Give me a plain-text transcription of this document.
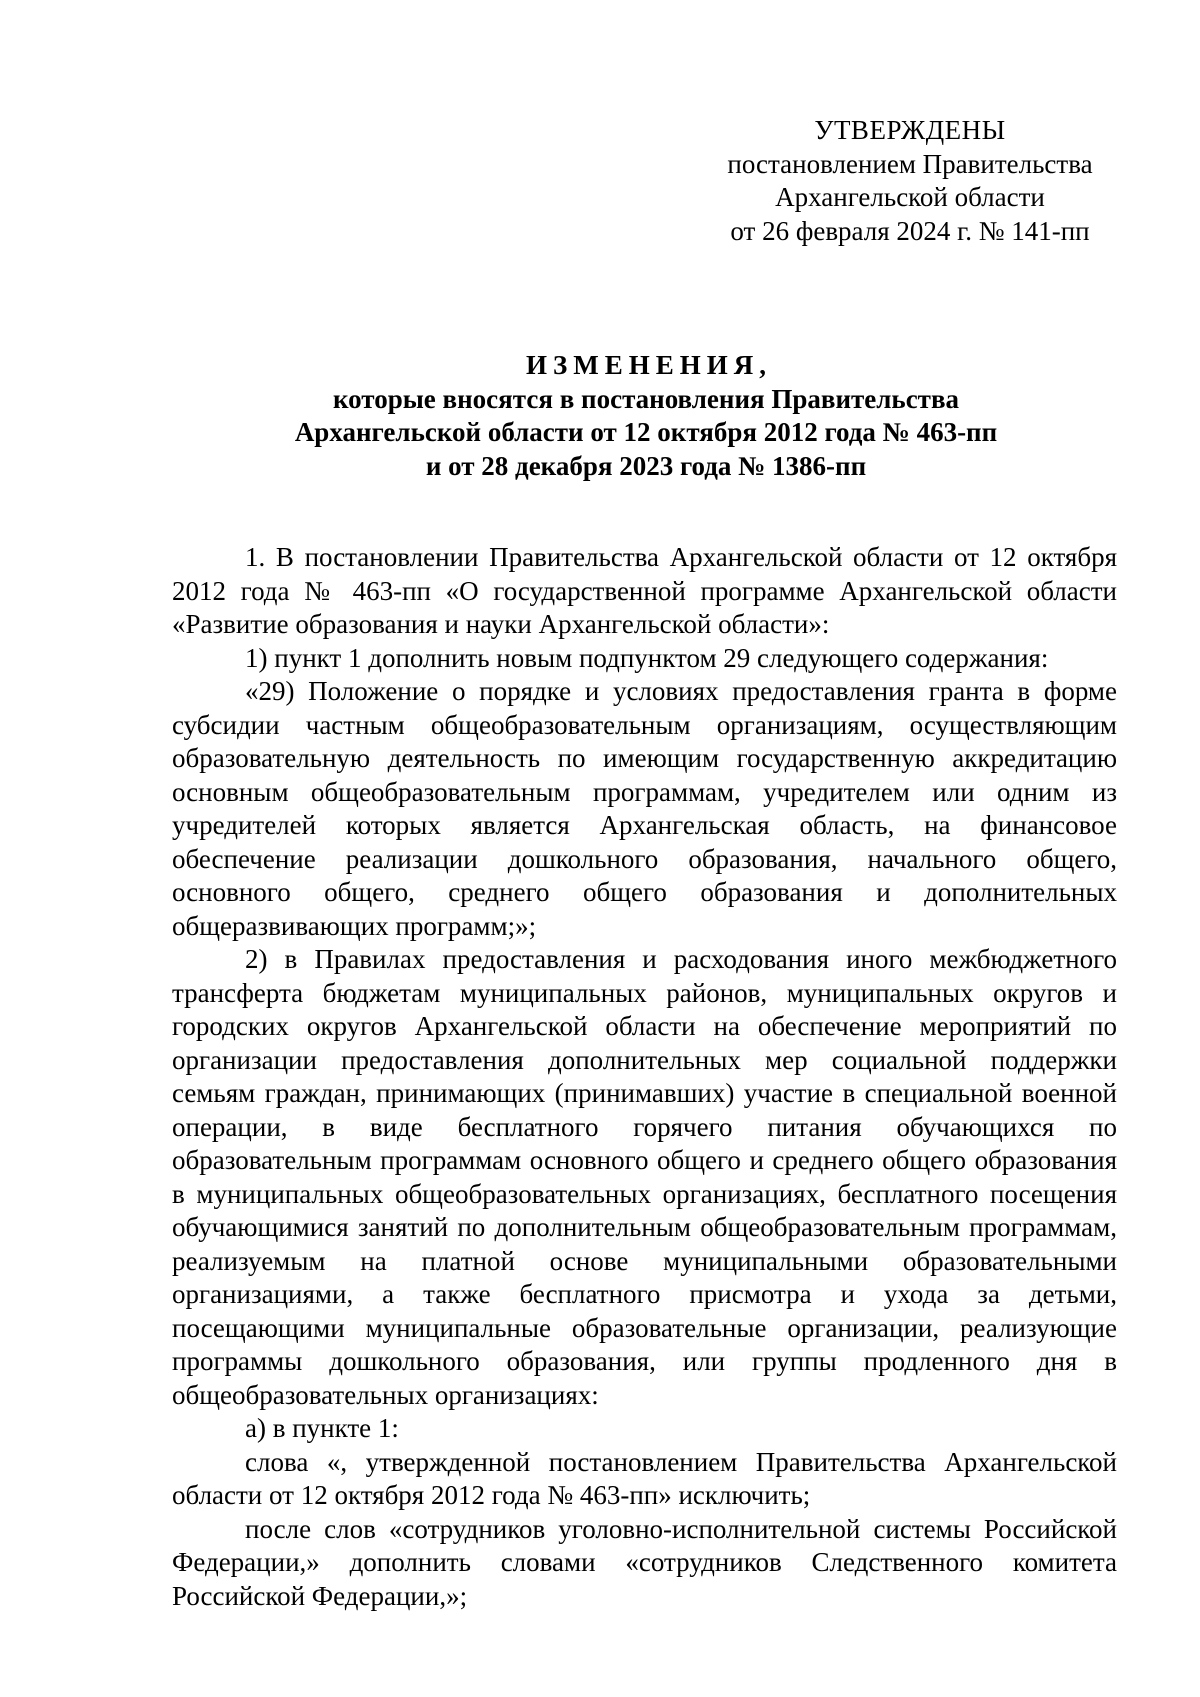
УТВЕРЖДЕНЫ
постановлением Правительства
Архангельской области
от 26 февраля 2024 г. № 141-пп
ИЗМЕНЕНИЯ,
которые вносятся в постановления Правительства
Архангельской области от 12 октября 2012 года № 463-пп
и от 28 декабря 2023 года № 1386-пп

1. В постановлении Правительства Архангельской области от 12 октября 2012 года № 463-пп «О государственной программе Архангельской области «Развитие образования и науки Архангельской области»:

1) пункт 1 дополнить новым подпунктом 29 следующего содержания:

«29) Положение о порядке и условиях предоставления гранта в форме субсидии частным общеобразовательным организациям, осуществляющим образовательную деятельность по имеющим государственную аккредитацию основным общеобразовательным программам, учредителем или одним из учредителей которых является Архангельская область, на финансовое обеспечение реализации дошкольного образования, начального общего, основного общего, среднего общего образования и дополнительных общеразвивающих программ;»;

2) в Правилах предоставления и расходования иного межбюджетного трансферта бюджетам муниципальных районов, муниципальных округов и городских округов Архангельской области на обеспечение мероприятий по организации предоставления дополнительных мер социальной поддержки семьям граждан, принимающих (принимавших) участие в специальной военной операции, в виде бесплатного горячего питания обучающихся по образовательным программам основного общего и среднего общего образования в муниципальных общеобразовательных организациях, бесплатного посещения обучающимися занятий по дополнительным общеобразовательным программам, реализуемым на платной основе муниципальными образовательными организациями, а также бесплатного присмотра и ухода за детьми, посещающими муниципальные образовательные организации, реализующие программы дошкольного образования, или группы продленного дня в общеобразовательных организациях:

а) в пункте 1:

слова «, утвержденной постановлением Правительства Архангельской области от 12 октября 2012 года № 463-пп» исключить;

после слов «сотрудников уголовно-исполнительной системы Российской Федерации,» дополнить словами «сотрудников Следственного комитета Российской Федерации,»;
